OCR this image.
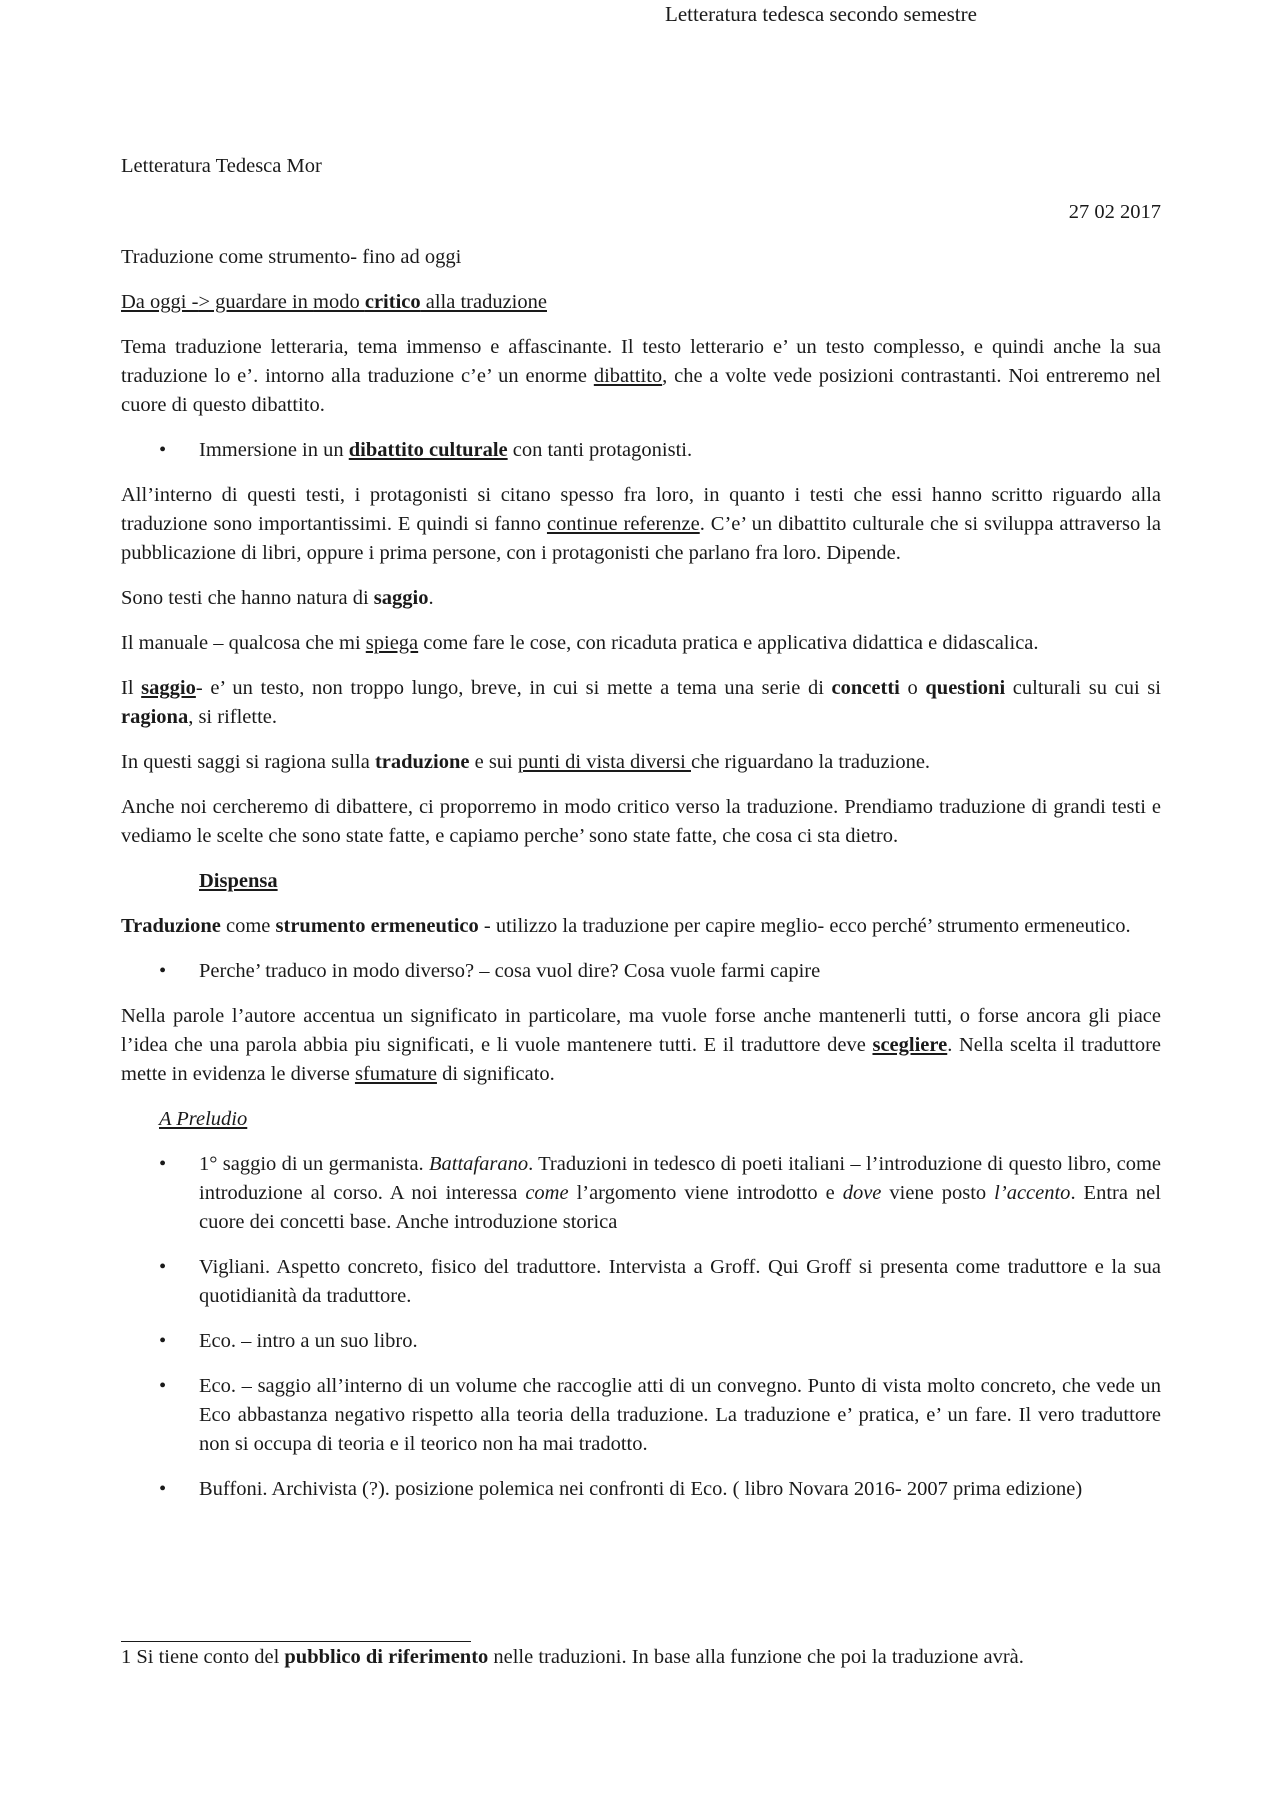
Letteratura tedesca secondo semestre
Letteratura Tedesca Mor
27 02 2017

Traduzione come strumento- fino ad oggi

Da oggi -> guardare in modo critico alla traduzione

Tema traduzione letteraria, tema immenso e affascinante. Il testo letterario e’ un testo complesso, e quindi anche la sua traduzione lo e’. intorno alla traduzione c’e’ un enorme dibattito, che a volte vede posizioni contrastanti. Noi entreremo nel cuore di questo dibattito.

• Immersione in un dibattito culturale con tanti protagonisti.

All’interno di questi testi, i protagonisti si citano spesso fra loro, in quanto i testi che essi hanno scritto riguardo alla traduzione sono importantissimi. E quindi si fanno continue referenze. C’e’ un dibattito culturale che si sviluppa attraverso la pubblicazione di libri, oppure i prima persone, con i protagonisti che parlano fra loro. Dipende.

Sono testi che hanno natura di saggio.

Il manuale – qualcosa che mi spiega come fare le cose, con ricaduta pratica e applicativa didattica e didascalica.

Il saggio- e’ un testo, non troppo lungo, breve, in cui si mette a tema una serie di concetti o questioni culturali su cui si ragiona, si riflette.

In questi saggi si ragiona sulla traduzione e sui punti di vista diversi che riguardano la traduzione.

Anche noi cercheremo di dibattere, ci proporremo in modo critico verso la traduzione. Prendiamo traduzione di grandi testi e vediamo le scelte che sono state fatte, e capiamo perche’ sono state fatte, che cosa ci sta dietro.

Dispensa

Traduzione come strumento ermeneutico - utilizzo la traduzione per capire meglio- ecco perché’ strumento ermeneutico.

• Perche’ traduco in modo diverso? – cosa vuol dire? Cosa vuole farmi capire

Nella parole l’autore accentua un significato in particolare, ma vuole forse anche mantenerli tutti, o forse ancora gli piace l’idea che una parola abbia piu significati, e li vuole mantenere tutti. E il traduttore deve scegliere. Nella scelta il traduttore mette in evidenza le diverse sfumature di significato.

A Preludio

• 1° saggio di un germanista. Battafarano. Traduzioni in tedesco di poeti italiani – l’introduzione di questo libro, come introduzione al corso. A noi interessa come l’argomento viene introdotto e dove viene posto l’accento. Entra nel cuore dei concetti base. Anche introduzione storica
• Vigliani. Aspetto concreto, fisico del traduttore. Intervista a Groff. Qui Groff si presenta come traduttore e la sua quotidianità da traduttore.
• Eco. – intro a un suo libro.
• Eco. – saggio all’interno di un volume che raccoglie atti di un convegno. Punto di vista molto concreto, che vede un Eco abbastanza negativo rispetto alla teoria della traduzione. La traduzione e’ pratica, e’ un fare. Il vero traduttore non si occupa di teoria e il teorico non ha mai tradotto.
• Buffoni. Archivista (?). posizione polemica nei confronti di Eco. ( libro Novara 2016- 2007 prima edizione)
1 Si tiene conto del pubblico di riferimento nelle traduzioni. In base alla funzione che poi la traduzione avrà.
